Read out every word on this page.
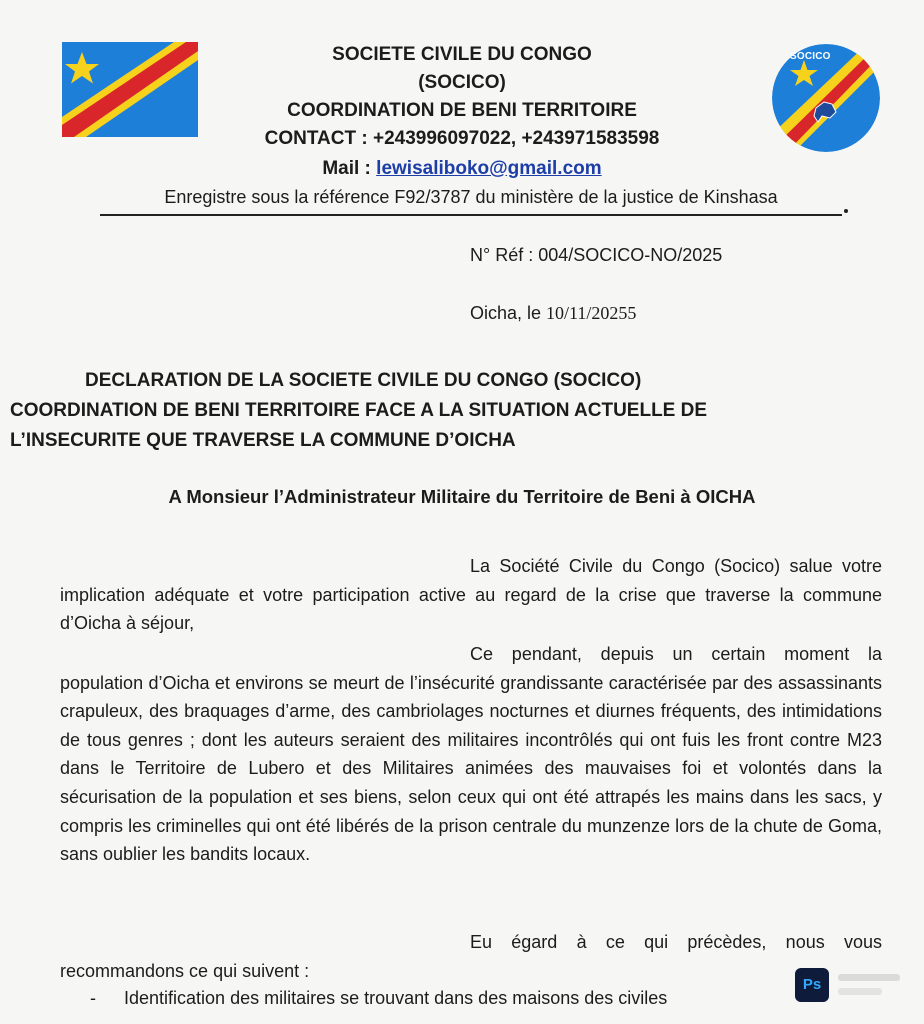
SOCICO
SOCIETE CIVILE DU CONGO
(SOCICO)
COORDINATION DE BENI TERRITOIRE
CONTACT : +243996097022, +243971583598
Mail : lewisaliboko@gmail.com
Enregistre sous la référence F92/3787 du ministère de la justice de Kinshasa
N° Réf : 004/SOCICO-NO/2025
Oicha, le 10/11/20255
DECLARATION DE LA SOCIETE CIVILE DU CONGO (SOCICO)
COORDINATION DE BENI TERRITOIRE FACE A LA SITUATION ACTUELLE DE
L’INSECURITE QUE TRAVERSE LA COMMUNE D’OICHA
A Monsieur l’Administrateur Militaire du Territoire de Beni à OICHA
La Société Civile du Congo (Socico) salue votre implication adéquate et votre participation active au regard de la crise que traverse la commune d’Oicha à séjour,
Ce pendant, depuis un certain moment la population d’Oicha et environs se meurt de l’insécurité grandissante caractérisée par des assassinants crapuleux, des braquages d’arme, des cambriolages nocturnes et diurnes fréquents, des intimidations de tous genres ; dont les auteurs seraient des militaires incontrôlés qui ont fuis les front contre M23 dans le Territoire de Lubero et des Militaires animées des mauvaises foi et volontés dans la sécurisation de la population et ses biens, selon ceux qui ont été attrapés les mains dans les sacs, y compris les criminelles qui ont été libérés de la prison centrale du munzenze lors de la chute de Goma, sans oublier les bandits locaux.
Eu égard à ce qui précèdes, nous vous recommandons ce qui suivent :
- Identification des militaires se trouvant dans des maisons des civiles
Ps
